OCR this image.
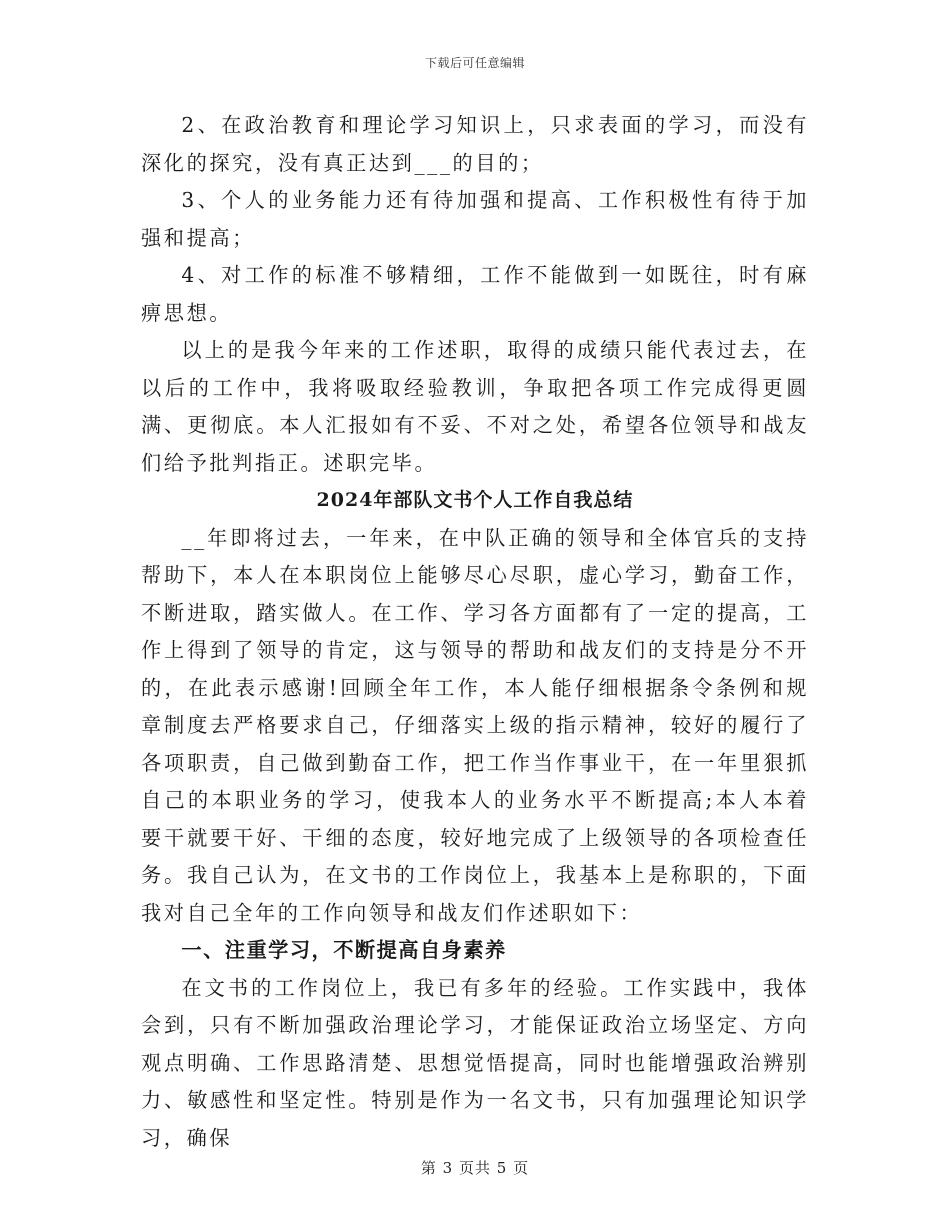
下载后可任意编辑

2、在政治教育和理论学习知识上，只求表面的学习，而没有深化的探究，没有真正达到___的目的；

3、个人的业务能力还有待加强和提高、工作积极性有待于加强和提高；

4、对工作的标准不够精细，工作不能做到一如既往，时有麻痹思想。

以上的是我今年来的工作述职，取得的成绩只能代表过去，在以后的工作中，我将吸取经验教训，争取把各项工作完成得更圆满、更彻底。本人汇报如有不妥、不对之处，希望各位领导和战友们给予批判指正。述职完毕。

2024年部队文书个人工作自我总结

__年即将过去，一年来，在中队正确的领导和全体官兵的支持帮助下，本人在本职岗位上能够尽心尽职，虚心学习，勤奋工作，不断进取，踏实做人。在工作、学习各方面都有了一定的提高，工作上得到了领导的肯定，这与领导的帮助和战友们的支持是分不开的，在此表示感谢!回顾全年工作，本人能仔细根据条令条例和规章制度去严格要求自己，仔细落实上级的指示精神，较好的履行了各项职责，自己做到勤奋工作，把工作当作事业干，在一年里狠抓自己的本职业务的学习，使我本人的业务水平不断提高;本人本着要干就要干好、干细的态度，较好地完成了上级领导的各项检查任务。我自己认为，在文书的工作岗位上，我基本上是称职的，下面我对自己全年的工作向领导和战友们作述职如下：

一、注重学习，不断提高自身素养

在文书的工作岗位上，我已有多年的经验。工作实践中，我体会到，只有不断加强政治理论学习，才能保证政治立场坚定、方向观点明确、工作思路清楚、思想觉悟提高，同时也能增强政治辨别力、敏感性和坚定性。特别是作为一名文书，只有加强理论知识学习，确保

第 3 页共 5 页
